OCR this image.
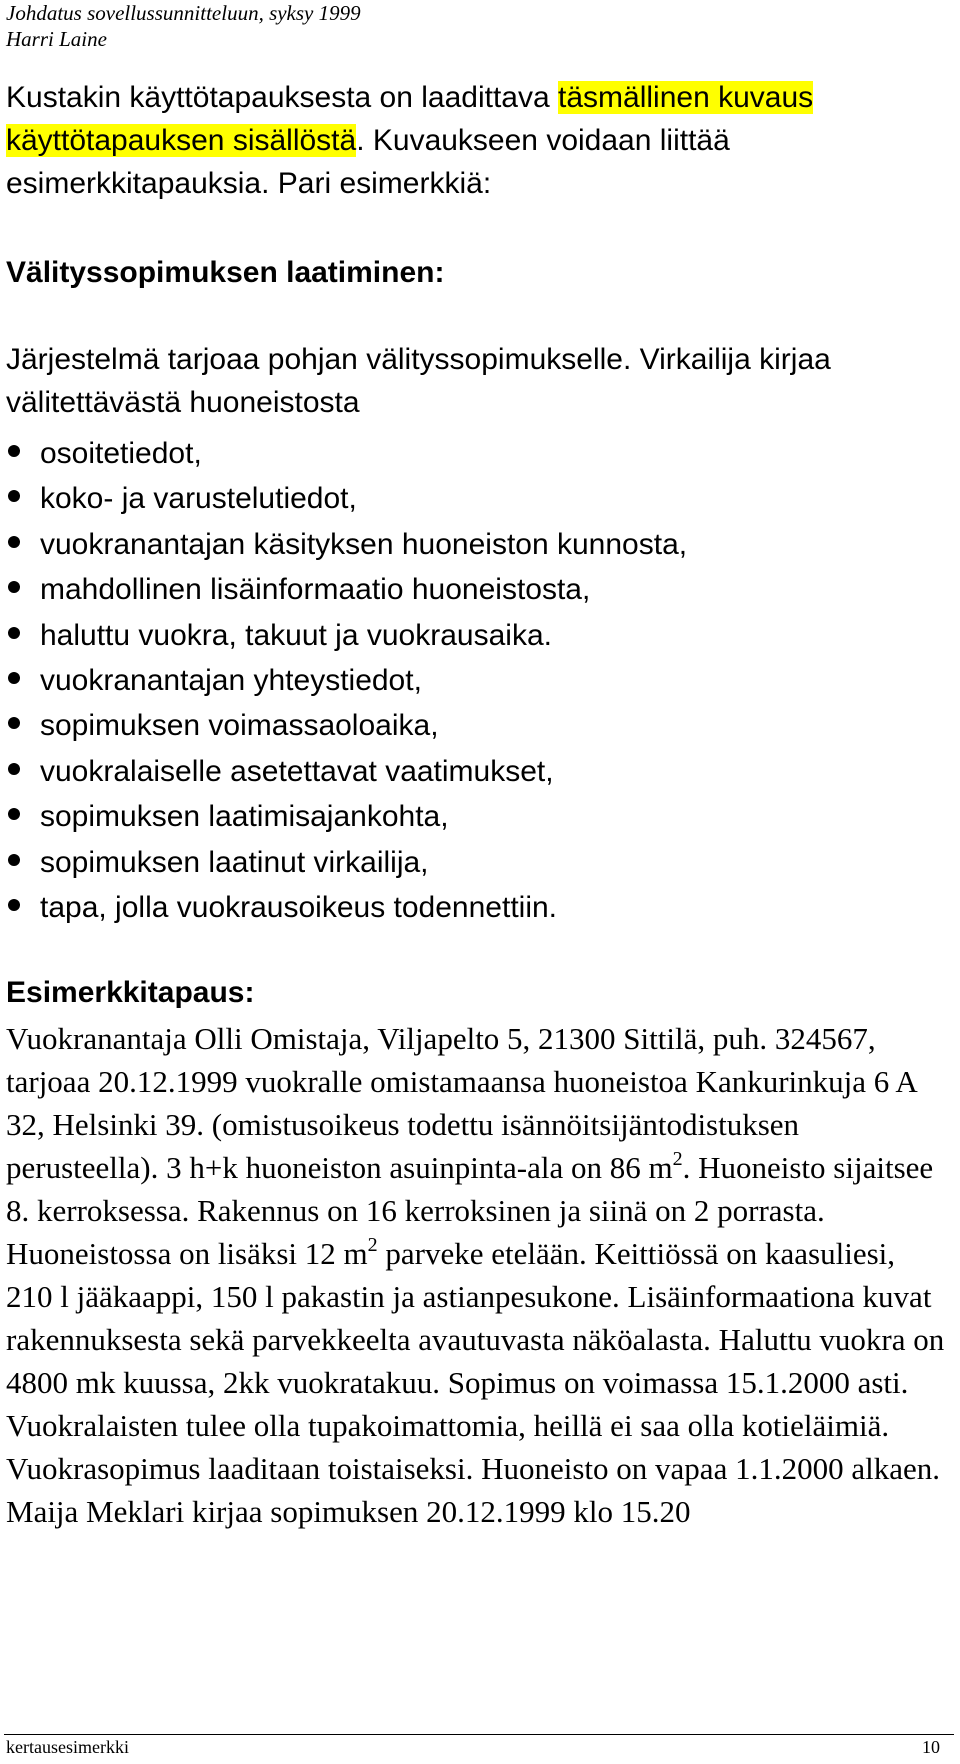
Johdatus sovellussunnitteluun, syksy 1999
Harri Laine
Kustakin käyttötapauksesta on laadittava täsmällinen kuvaus käyttötapauksen sisällöstä. Kuvaukseen voidaan liittää esimerkkitapauksia. Pari esimerkkiä:
Välityssopimuksen laatiminen:
Järjestelmä tarjoaa pohjan välityssopimukselle. Virkailija kirjaa välitettävästä huoneistosta
osoitetiedot,
koko- ja varustelutiedot,
vuokranantajan käsityksen huoneiston kunnosta,
mahdollinen lisäinformaatio huoneistosta,
haluttu vuokra, takuut ja vuokrausaika.
vuokranantajan yhteystiedot,
sopimuksen voimassaoloaika,
vuokralaiselle asetettavat vaatimukset,
sopimuksen laatimisajankohta,
sopimuksen laatinut virkailija,
tapa, jolla vuokrausoikeus todennettiin.
Esimerkkitapaus:
Vuokranantaja Olli Omistaja, Viljapelto 5, 21300 Sittilä, puh. 324567, tarjoaa 20.12.1999 vuokralle omistamaansa huoneistoa Kankurinkuja 6 A 32, Helsinki 39. (omistusoikeus todettu isännöitsijäntodistuksen perusteella). 3 h+k huoneiston asuinpinta-ala on 86 $m^2$. Huoneisto sijaitsee 8. kerroksessa. Rakennus on 16 kerroksinen ja siinä on 2 porrasta. Huoneistossa on lisäksi 12 $m^2$ parveke etelään. Keittiössä on kaasuliesi, 210 l jääkaappi, 150 l pakastin ja astianpesukone. Lisäinformaationa kuvat rakennuksesta sekä parvekkeelta avautuvasta näköalasta. Haluttu vuokra on 4800 mk kuussa, 2kk vuokratakuu. Sopimus on voimassa 15.1.2000 asti. Vuokralaisten tulee olla tupakoimattomia, heillä ei saa olla kotieläimiä. Vuokrasopimus laaditaan toistaiseksi. Huoneisto on vapaa 1.1.2000 alkaen. Maija Meklari kirjaa sopimuksen 20.12.1999 klo 15.20
kertausesimerkki	10
